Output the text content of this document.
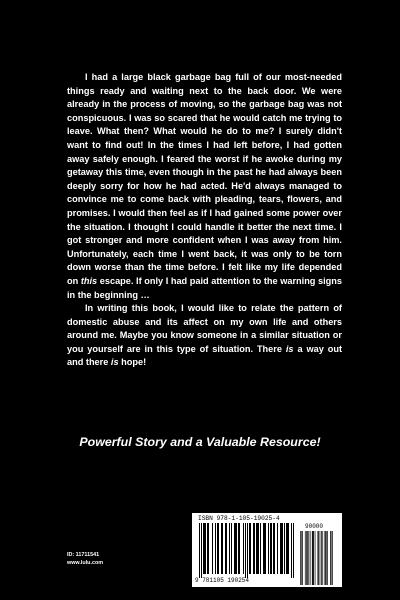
I had a large black garbage bag full of our most-needed things ready and waiting next to the back door. We were already in the process of moving, so the garbage bag was not conspicuous. I was so scared that he would catch me trying to leave. What then? What would he do to me? I surely didn't want to find out! In the times I had left before, I had gotten away safely enough. I feared the worst if he awoke during my getaway this time, even though in the past he had always been deeply sorry for how he had acted. He'd always managed to convince me to come back with pleading, tears, flowers, and promises. I would then feel as if I had gained some power over the situation. I thought I could handle it better the next time. I got stronger and more confident when I was away from him. Unfortunately, each time I went back, it was only to be torn down worse than the time before. I felt like my life depended on this escape. If only I had paid attention to the warning signs in the beginning …

In writing this book, I would like to relate the pattern of domestic abuse and its affect on my own life and others around me. Maybe you know someone in a similar situation or you yourself are in this type of situation. There is a way out and there is hope!

Powerful Story and a Valuable Resource!
ID: 11711541
www.lulu.com
ISBN 978-1-105-19025-4
9 781105 190254
90000
